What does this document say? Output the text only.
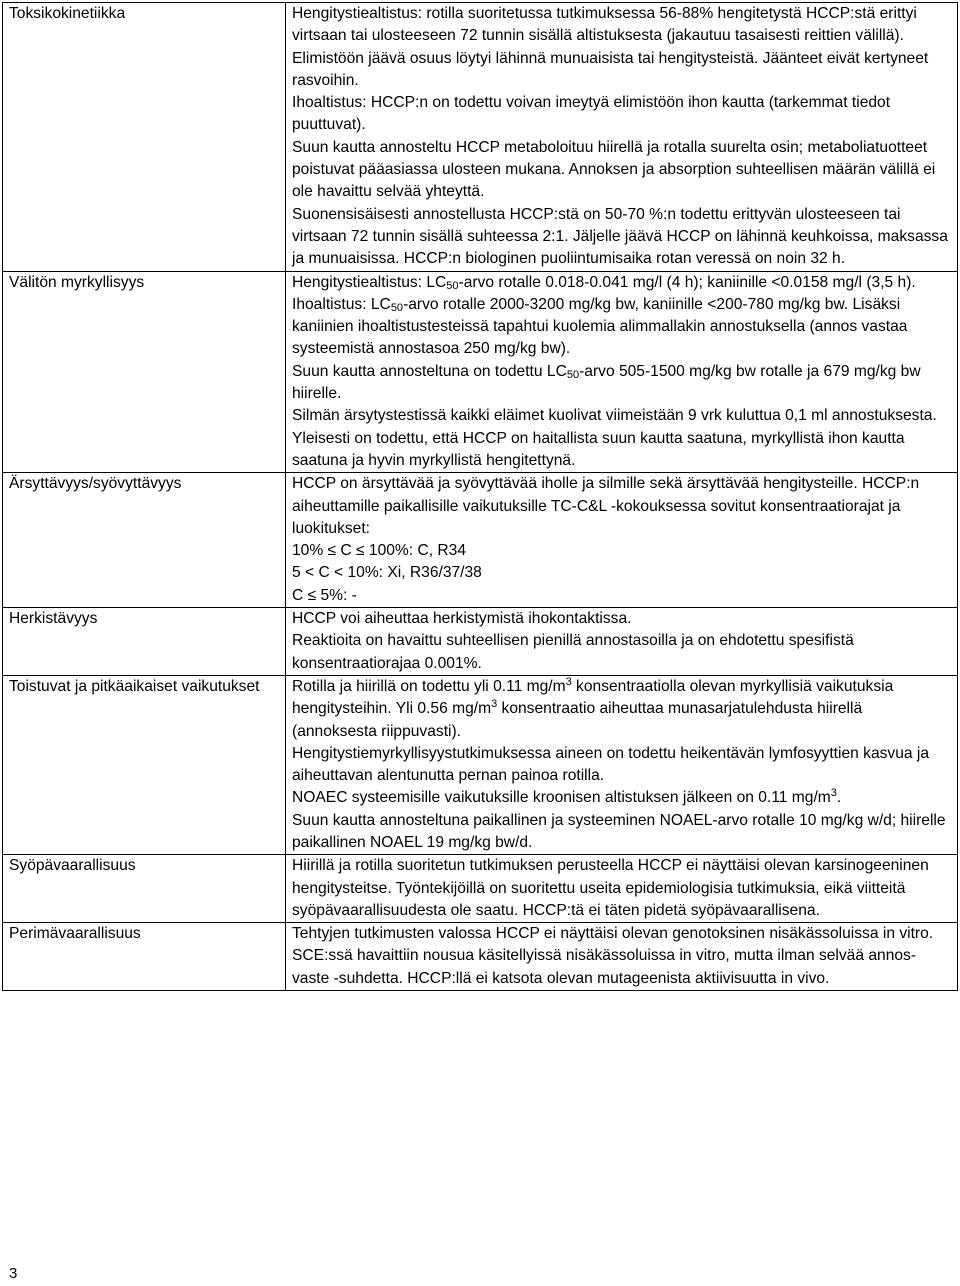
Toksikokinetiikka	Hengitystiealtistus: rotilla suoritetussa tutkimuksessa 56-88% hengitetystä HCCP:stä erittyi virtsaan tai ulosteeseen 72 tunnin sisällä altistuksesta (jakautuu tasaisesti reittien välillä). Elimistöön jäävä osuus löytyi lähinnä munuaisista tai hengitysteistä. Jäänteet eivät kertyneet rasvoihin.

Ihoaltistus: HCCP:n on todettu voivan imeytyä elimistöön ihon kautta (tarkemmat tiedot puuttuvat).

Suun kautta annosteltu HCCP metaboloituu hiirellä ja rotalla suurelta osin; metaboliatuotteet poistuvat pääasiassa ulosteen mukana. Annoksen ja absorption suhteellisen määrän välillä ei ole havaittu selvää yhteyttä.

Suonensisäisesti annostellusta HCCP:stä on 50-70 %:n todettu erittyvän ulosteeseen tai virtsaan 72 tunnin sisällä suhteessa 2:1. Jäljelle jäävä HCCP on lähinnä keuhkoissa, maksassa ja munuaisissa. HCCP:n biologinen puoliintumisaika rotan veressä on noin 32 h.

Välitön myrkyllisyys	Hengitystiealtistus: $LC_{50}$-arvo rotalle 0.018-0.041 mg/l (4 h); kaniinille <0.0158 mg/l (3,5 h).

Ihoaltistus: $LC_{50}$-arvo rotalle 2000-3200 mg/kg bw, kaniinille <200-780 mg/kg bw. Lisäksi kaniinien ihoaltistustesteissä tapahtui kuolemia alimmallakin annostuksella (annos vastaa systeemistä annostasoa 250 mg/kg bw).

Suun kautta annosteltuna on todettu $LC_{50}$-arvo 505-1500 mg/kg bw rotalle ja 679 mg/kg bw hiirelle.

Silmän ärsytystestissä kaikki eläimet kuolivat viimeistään 9 vrk kuluttua 0,1 ml annostuksesta. Yleisesti on todettu, että HCCP on haitallista suun kautta saatuna, myrkyllistä ihon kautta saatuna ja hyvin myrkyllistä hengitettynä.

Ärsyttävyys/syövyttävyys	HCCP on ärsyttävää ja syövyttävää iholle ja silmille sekä ärsyttävää hengitysteille. HCCP:n aiheuttamille paikallisille vaikutuksille TC-C&L -kokouksessa sovitut konsentraatiorajat ja luokitukset:

10% ≤ C ≤ 100%: C, R34

5 < C < 10%: Xi, R36/37/38

C ≤ 5%: -

Herkistävyys	HCCP voi aiheuttaa herkistymistä ihokontaktissa.

Reaktioita on havaittu suhteellisen pienillä annostasoilla ja on ehdotettu spesifistä konsentraatiorajaa 0.001%.

Toistuvat ja pitkäaikaiset vaikutukset	Rotilla ja hiirillä on todettu yli 0.11 $mg/m^3$ konsentraatiolla olevan myrkyllisiä vaikutuksia hengitysteihin. Yli 0.56 $mg/m^3$ konsentraatio aiheuttaa munasarjatulehdusta hiirellä (annoksesta riippuvasti).

Hengitystiemyrkyllisyystutkimuksessa aineen on todettu heikentävän lymfosyyttien kasvua ja aiheuttavan alentunutta pernan painoa rotilla.

NOAEC systeemisille vaikutuksille kroonisen altistuksen jälkeen on 0.11 $mg/m^3$.

Suun kautta annosteltuna paikallinen ja systeeminen NOAEL-arvo rotalle 10 mg/kg w/d; hiirelle paikallinen NOAEL 19 mg/kg bw/d.

Syöpävaarallisuus	Hiirillä ja rotilla suoritetun tutkimuksen perusteella HCCP ei näyttäisi olevan karsinogeeninen hengitysteitse. Työntekijöillä on suoritettu useita epidemiologisia tutkimuksia, eikä viitteitä syöpävaarallisuudesta ole saatu. HCCP:tä ei täten pidetä syöpävaarallisena.

Perimävaarallisuus	Tehtyjen tutkimusten valossa HCCP ei näyttäisi olevan genotoksinen nisäkässoluissa in vitro. SCE:ssä havaittiin nousua käsitellyissä nisäkässoluissa in vitro, mutta ilman selvää annos-vaste -suhdetta. HCCP:llä ei katsota olevan mutageenista aktiivisuutta in vivo.

3
